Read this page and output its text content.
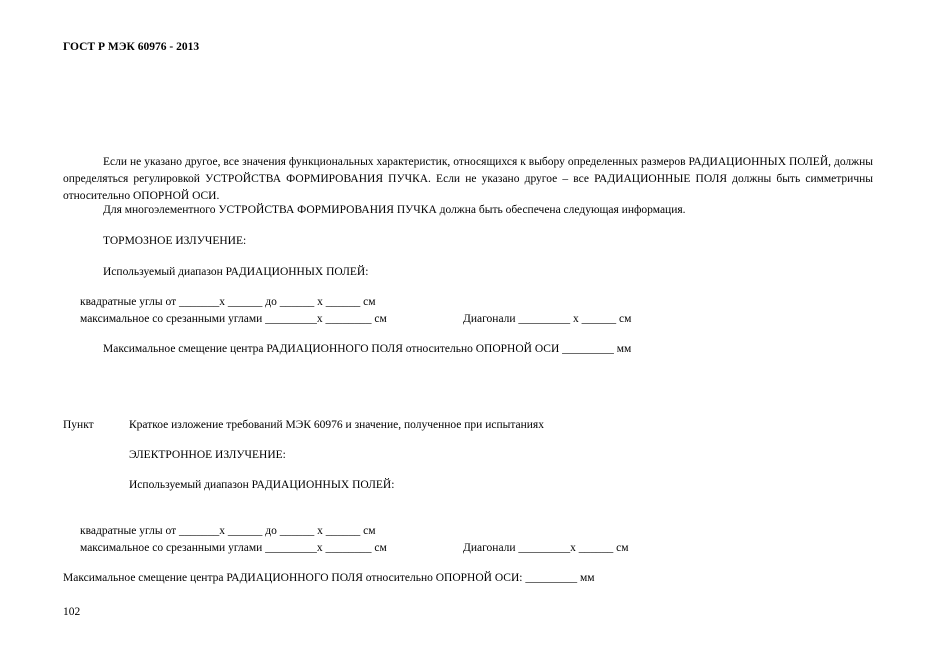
ГОСТ Р МЭК 60976 - 2013
Если не указано другое, все значения функциональных характеристик, относящихся к выбору определенных размеров РАДИАЦИОННЫХ ПОЛЕЙ, должны определяться регулировкой УСТРОЙСТВА ФОРМИРОВАНИЯ ПУЧКА. Если не указано другое – все РАДИАЦИОННЫЕ ПОЛЯ должны быть симметричны относительно ОПОРНОЙ ОСИ.
Для многоэлементного УСТРОЙСТВА ФОРМИРОВАНИЯ ПУЧКА должна быть обеспечена следующая информация.
ТОРМОЗНОЕ ИЗЛУЧЕНИЕ:
Используемый диапазон РАДИАЦИОННЫХ ПОЛЕЙ:
квадратные углы от _______х ______ до ______ х ______ см
максимальное со срезанными углами _________х ________ см	Диагонали _________ х ______ см
Максимальное смещение центра РАДИАЦИОННОГО ПОЛЯ относительно ОПОРНОЙ ОСИ _________ мм
Пункт	Краткое изложение требований МЭК 60976 и значение, полученное при испытаниях
ЭЛЕКТРОННОЕ ИЗЛУЧЕНИЕ:
Используемый диапазон РАДИАЦИОННЫХ ПОЛЕЙ:
квадратные углы от _______х ______ до ______ х ______ см
максимальное со срезанными углами _________х ________ см	Диагонали _________х ______ см
Максимальное смещение центра РАДИАЦИОННОГО ПОЛЯ относительно ОПОРНОЙ ОСИ: _________ мм
102
